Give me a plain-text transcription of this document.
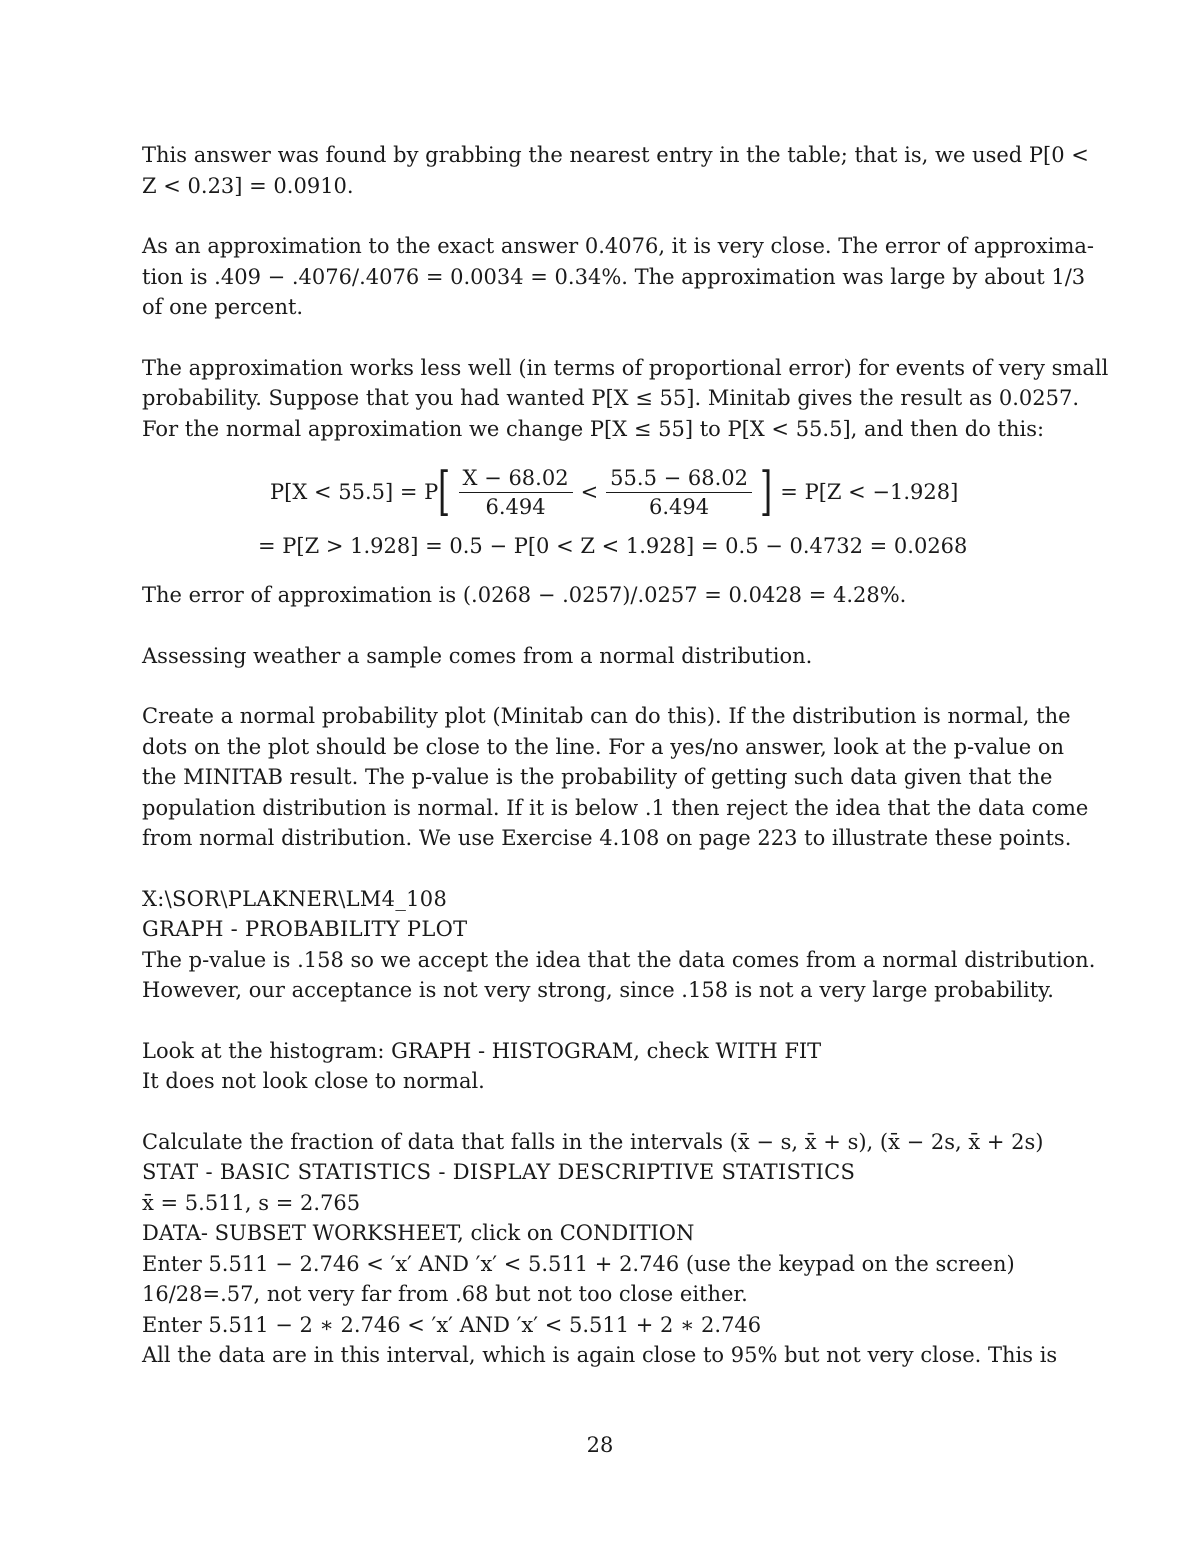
This answer was found by grabbing the nearest entry in the table; that is, we used P[0 <
Z < 0.23] = 0.0910.

As an approximation to the exact answer 0.4076, it is very close. The error of approxima-
tion is .409 − .4076/.4076 = 0.0034 = 0.34%. The approximation was large by about 1/3
of one percent.

The approximation works less well (in terms of proportional error) for events of very small
probability. Suppose that you had wanted P[X ≤ 55]. Minitab gives the result as 0.0257.
For the normal approximation we change P[X ≤ 55] to P[X < 55.5], and then do this:

P[X < 55.5] = P [ $\frac{X - 68.02}{6.494} < \frac{55.5 - 68.02}{6.494}$ ] = P[Z < −1.928]
= P[Z > 1.928] = 0.5 − P[0 < Z < 1.928] = 0.5 − 0.4732 = 0.0268

The error of approximation is (.0268 − .0257)/.0257 = 0.0428 = 4.28%.

Assessing weather a sample comes from a normal distribution.

Create a normal probability plot (Minitab can do this). If the distribution is normal, the
dots on the plot should be close to the line. For a yes/no answer, look at the p-value on
the MINITAB result. The p-value is the probability of getting such data given that the
population distribution is normal. If it is below .1 then reject the idea that the data come
from normal distribution. We use Exercise 4.108 on page 223 to illustrate these points.

X:\SOR\PLAKNER\LM4_108
GRAPH - PROBABILITY PLOT
The p-value is .158 so we accept the idea that the data comes from a normal distribution.
However, our acceptance is not very strong, since .158 is not a very large probability.

Look at the histogram: GRAPH - HISTOGRAM, check WITH FIT
It does not look close to normal.

Calculate the fraction of data that falls in the intervals (x̄ − s, x̄ + s), (x̄ − 2s, x̄ + 2s)
STAT - BASIC STATISTICS - DISPLAY DESCRIPTIVE STATISTICS
x̄ = 5.511, s = 2.765
DATA- SUBSET WORKSHEET, click on CONDITION
Enter 5.511 − 2.746 < ′x′ AND ′x′ < 5.511 + 2.746 (use the keypad on the screen)
16/28=.57, not very far from .68 but not too close either.
Enter 5.511 − 2 ∗ 2.746 < ′x′ AND ′x′ < 5.511 + 2 ∗ 2.746
All the data are in this interval, which is again close to 95% but not very close. This is

28
